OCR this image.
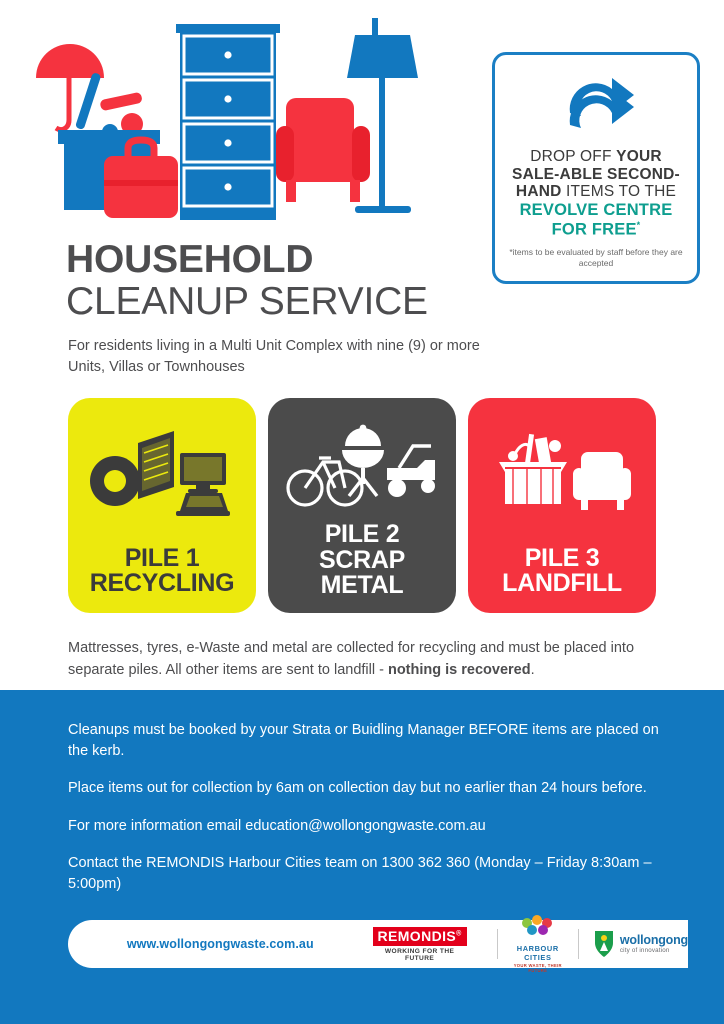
DROP OFF YOUR
SALE-ABLE SECOND-
HAND ITEMS TO THE
REVOLVE CENTRE
FOR FREE*
*items to be evaluated by staff before they are accepted
HOUSEHOLD
CLEANUP SERVICE
For residents living in a Multi Unit Complex with nine (9) or more Units, Villas or Townhouses
PILE 1
RECYCLING
PILE 2
SCRAP
METAL
PILE 3
LANDFILL
Mattresses, tyres, e-Waste and metal are collected for recycling and must be placed into separate piles. All other items are sent to landfill - nothing is recovered.
Cleanups must be booked by your Strata or Buidling Manager BEFORE items are placed on the kerb.
Place items out for collection by 6am on collection day but no earlier than 24 hours before.
For more information email education@wollongongwaste.com.au
Contact the REMONDIS Harbour Cities team on 1300 362 360 (Monday – Friday 8:30am – 5:00pm)
www.wollongongwaste.com.au
REMONDIS®
WORKING FOR THE FUTURE
HARBOUR CITIES
YOUR WASTE, THEIR FUTURE
wollongong
city of innovation
